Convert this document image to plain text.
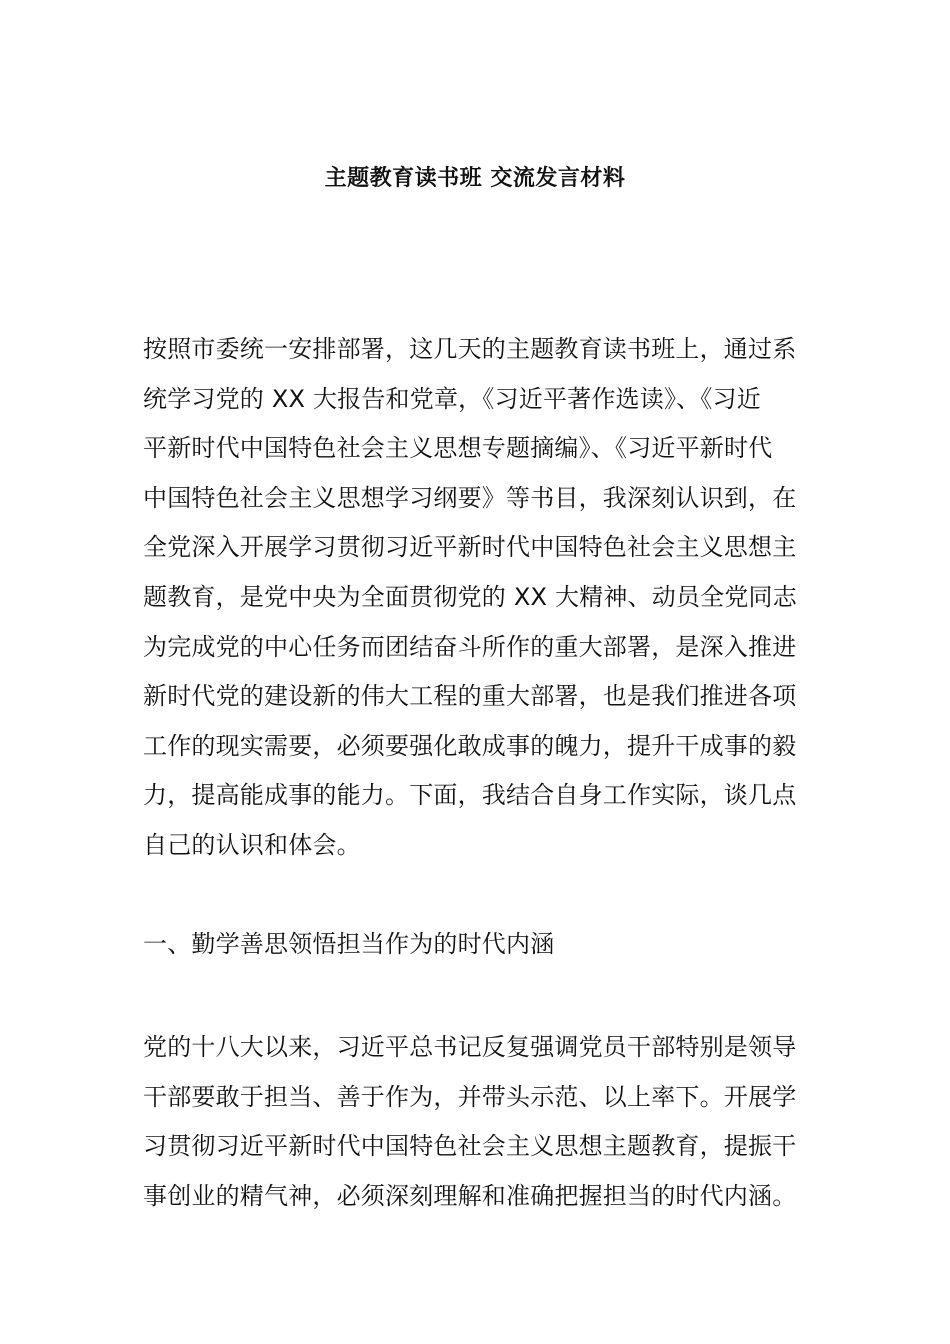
主题教育读书班 交流发言材料
按照市委统一安排部署，这几天的主题教育读书班上，通过系
统学习党的 XX 大报告和党章，《习近平著作选读》、《习近
平新时代中国特色社会主义思想专题摘编》、《习近平新时代
中国特色社会主义思想学习纲要》等书目，我深刻认识到，在
全党深入开展学习贯彻习近平新时代中国特色社会主义思想主
题教育，是党中央为全面贯彻党的 XX 大精神、动员全党同志
为完成党的中心任务而团结奋斗所作的重大部署，是深入推进
新时代党的建设新的伟大工程的重大部署，也是我们推进各项
工作的现实需要，必须要强化敢成事的魄力，提升干成事的毅
力，提高能成事的能力。下面，我结合自身工作实际，谈几点
自己的认识和体会。
一、勤学善思领悟担当作为的时代内涵
党的十八大以来，习近平总书记反复强调党员干部特别是领导
干部要敢于担当、善于作为，并带头示范、以上率下。开展学
习贯彻习近平新时代中国特色社会主义思想主题教育，提振干
事创业的精气神，必须深刻理解和准确把握担当的时代内涵。
